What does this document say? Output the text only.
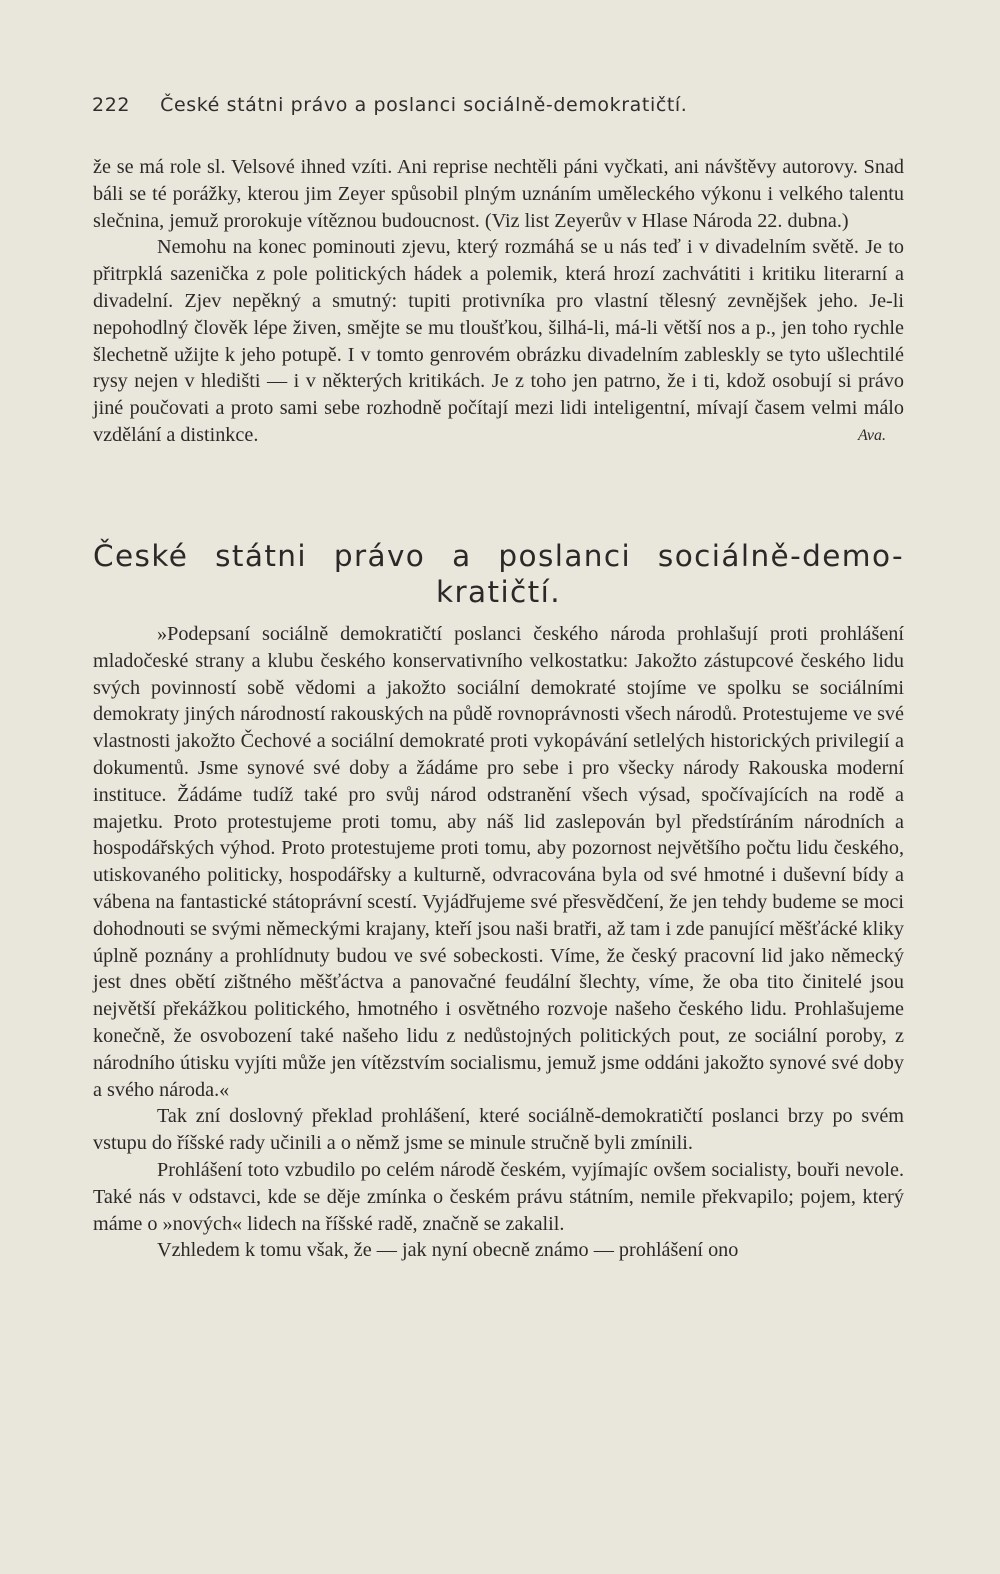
222 České státni právo a poslanci sociálně-demokratičtí.

že se má role sl. Velsové ihned vzíti. Ani reprise nechtěli páni vyčkati, ani návštěvy autorovy. Snad báli se té porážky, kterou jim Zeyer spůsobil plným uznáním uměleckého výkonu i velkého talentu slečnina, jemuž prorokuje vítěznou budoucnost. (Viz list Zeyerův v Hlase Národa 22. dubna.)

Nemohu na konec pominouti zjevu, který rozmáhá se u nás teď i v divadelním světě. Je to přitrpklá sazenička z pole politických hádek a polemik, která hrozí zachvátiti i kritiku literarní a divadelní. Zjev nepěkný a smutný: tupiti protivníka pro vlastní tělesný zevnějšek jeho. Je-li nepohodlný člověk lépe živen, smějte se mu tloušťkou, šilhá-li, má-li větší nos a p., jen toho rychle šlechetně užijte k jeho potupě. I v tomto genrovém obrázku divadelním zableskly se tyto ušlechtilé rysy nejen v hledišti — i v některých kritikách. Je z toho jen patrno, že i ti, kdož osobují si právo jiné poučovati a proto sami sebe rozhodně počítají mezi lidi inteligentní, mívají časem velmi málo vzdělání a distinkce.	Ava.
České státni právo a poslanci sociálně-demo-
kratičtí.

»Podepsaní sociálně demokratičtí poslanci českého národa prohlašují proti prohlášení mladočeské strany a klubu českého konservativního velkostatku: Jakožto zástupcové českého lidu svých povinností sobě vědomi a jakožto sociální demokraté stojíme ve spolku se sociálními demokraty jiných národností rakouských na půdě rovnoprávnosti všech národů. Protestujeme ve své vlastnosti jakožto Čechové a sociální demokraté proti vykopávání setlelých historických privilegií a dokumentů. Jsme synové své doby a žádáme pro sebe i pro všecky národy Rakouska moderní instituce. Žádáme tudíž také pro svůj národ odstranění všech výsad, spočívajících na rodě a majetku. Proto protestujeme proti tomu, aby náš lid zaslepován byl předstíráním národních a hospodářských výhod. Proto protestujeme proti tomu, aby pozornost největšího počtu lidu českého, utiskovaného politicky, hospodářsky a kulturně, odvracována byla od své hmotné i duševní bídy a vábena na fantastické státoprávní scestí. Vyjádřujeme své přesvědčení, že jen tehdy budeme se moci dohodnouti se svými německými krajany, kteří jsou naši bratři, až tam i zde panující měšťácké kliky úplně poznány a prohlídnuty budou ve své sobeckosti. Víme, že český pracovní lid jako německý jest dnes obětí zištného měšťáctva a panovačné feudální šlechty, víme, že oba tito činitelé jsou největší překážkou politického, hmotného i osvětného rozvoje našeho českého lidu. Prohlašujeme konečně, že osvobození také našeho lidu z nedůstojných politických pout, ze sociální poroby, z národního útisku vyjíti může jen vítězstvím socialismu, jemuž jsme oddáni jakožto synové své doby a svého národa.«

Tak zní doslovný překlad prohlášení, které sociálně-demokratičtí poslanci brzy po svém vstupu do říšské rady učinili a o němž jsme se minule stručně byli zmínili.

Prohlášení toto vzbudilo po celém národě českém, vyjímajíc ovšem socialisty, bouři nevole. Také nás v odstavci, kde se děje zmínka o českém právu státním, nemile překvapilo; pojem, který máme o »nových« lidech na říšské radě, značně se zakalil.

Vzhledem k tomu však, že — jak nyní obecně známo — prohlášení ono
